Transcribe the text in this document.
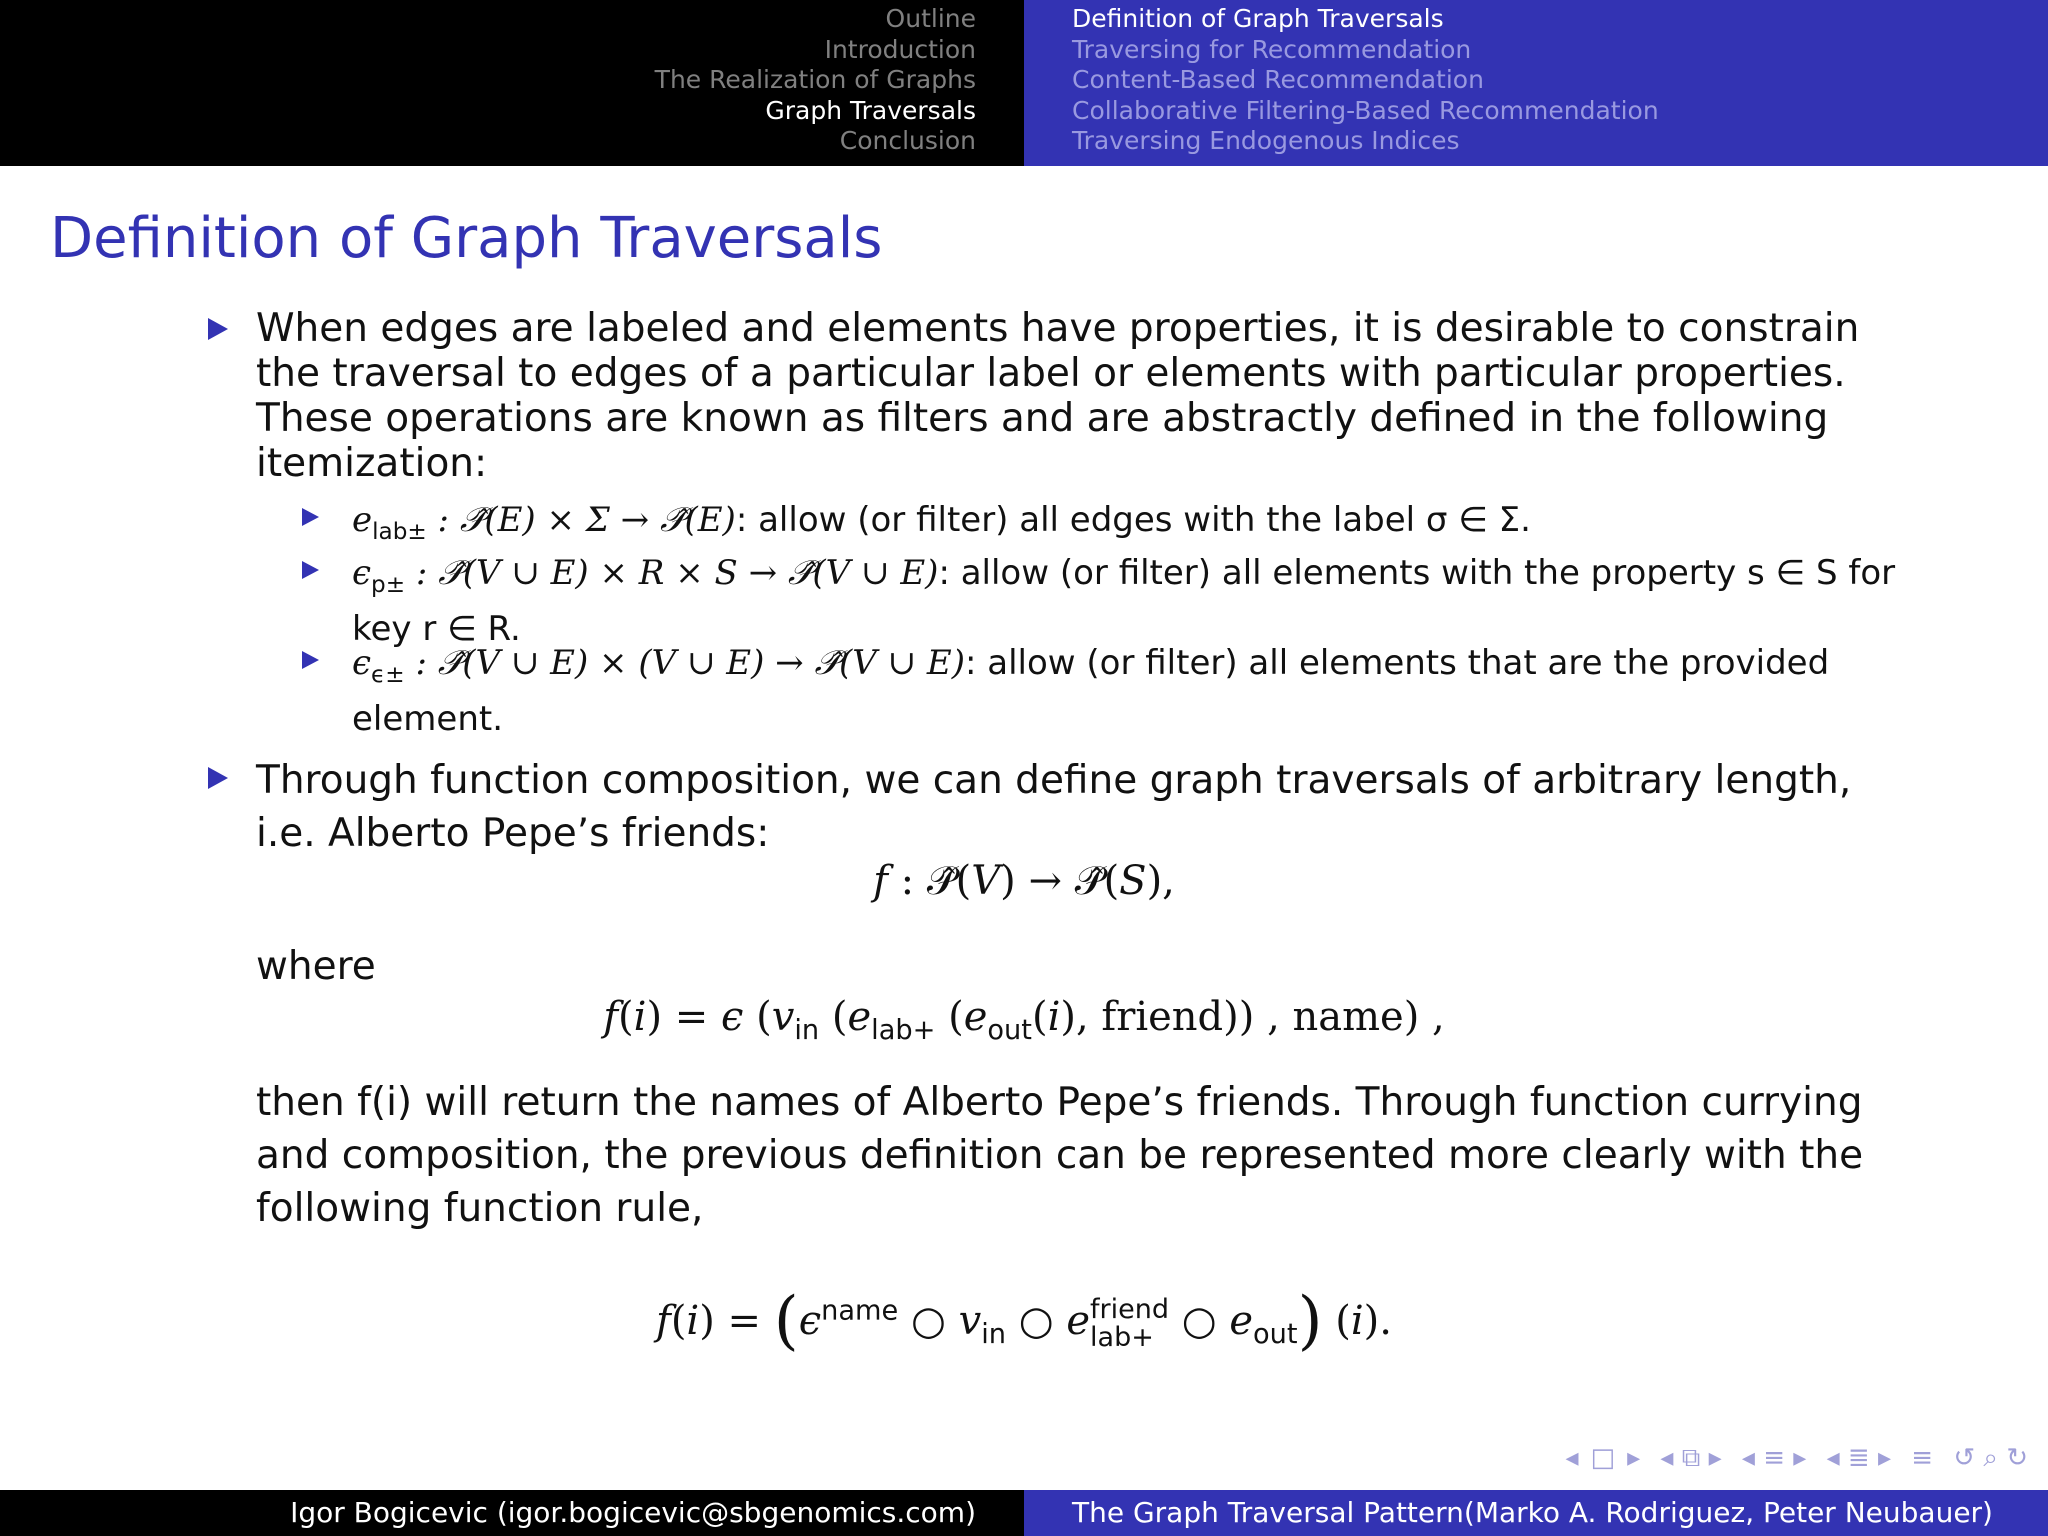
Outline
Introduction
The Realization of Graphs
Graph Traversals
Conclusion
Definition of Graph Traversals
Traversing for Recommendation
Content-Based Recommendation
Collaborative Filtering-Based Recommendation
Traversing Endogenous Indices
Definition of Graph Traversals
When edges are labeled and elements have properties, it is desirable to constrain the traversal to edges of a particular label or elements with particular properties. These operations are known as filters and are abstractly defined in the following itemization:
$e_{lab\pm}$ : 𝒫̂(E) × Σ → 𝒫̂(E): allow (or filter) all edges with the label σ ∈ Σ.
$\epsilon_{p\pm}$ : 𝒫̂(V ∪ E) × R × S → 𝒫̂(V ∪ E): allow (or filter) all elements with the property s ∈ S for key r ∈ R.
$\epsilon_{\epsilon\pm}$ : 𝒫̂(V ∪ E) × (V ∪ E) → 𝒫̂(V ∪ E): allow (or filter) all elements that are the provided element.
Through function composition, we can define graph traversals of arbitrary length, i.e. Alberto Pepe’s friends:
f : 𝒫̂(V) → 𝒫̂(S),
where
f(i) = ϵ ($v_{in}$ ($e_{lab+}$ ($e_{out}(i)$, friend)) , name) ,
then f(i) will return the names of Alberto Pepe’s friends. Through function currying and composition, the previous definition can be represented more clearly with the following function rule,
$f(i) = (\epsilon^{name}$ ○ $v_{in}$ ○ efriend
lab+ ○ $e_{out}$) (i).
◂ □ ▸ ◂ ⧉ ▸ ◂ ≡ ▸ ◂ ≣ ▸ ≡ ↺ ⌕ ↻
Igor Bogicevic (igor.bogicevic@sbgenomics.com)	The Graph Traversal Pattern(Marko A. Rodriguez, Peter Neubauer)
